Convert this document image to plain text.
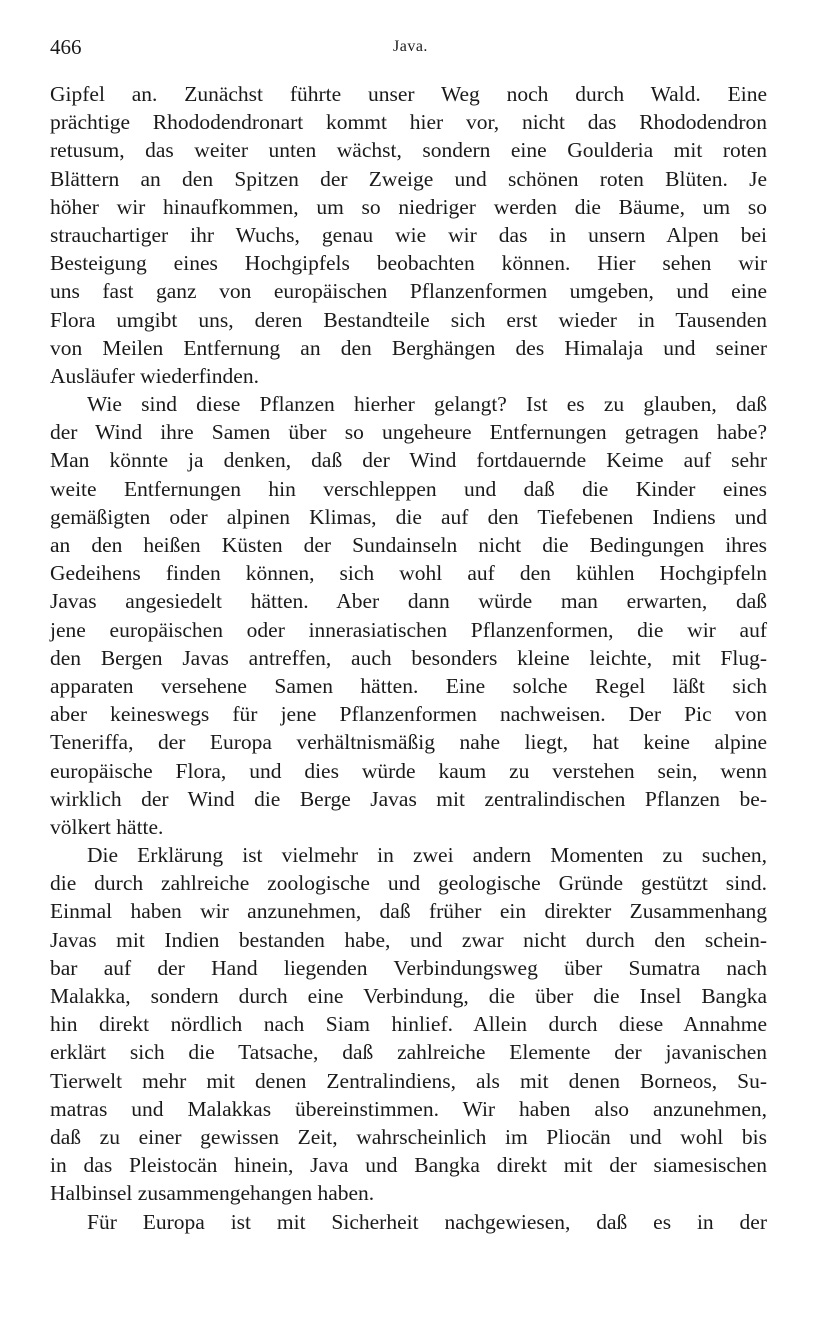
466	Java.
Gipfel an. Zunächst führte unser Weg noch durch Wald. Eine
prächtige Rhododendronart kommt hier vor, nicht das Rhododendron
retusum, das weiter unten wächst, sondern eine Goulderia mit roten
Blättern an den Spitzen der Zweige und schönen roten Blüten. Je
höher wir hinaufkommen, um so niedriger werden die Bäume, um so
strauchartiger ihr Wuchs, genau wie wir das in unsern Alpen bei
Besteigung eines Hochgipfels beobachten können. Hier sehen wir
uns fast ganz von europäischen Pflanzenformen umgeben, und eine
Flora umgibt uns, deren Bestandteile sich erst wieder in Tausenden
von Meilen Entfernung an den Berghängen des Himalaja und seiner
Ausläufer wiederfinden.
Wie sind diese Pflanzen hierher gelangt? Ist es zu glauben, daß
der Wind ihre Samen über so ungeheure Entfernungen getragen habe?
Man könnte ja denken, daß der Wind fortdauernde Keime auf sehr
weite Entfernungen hin verschleppen und daß die Kinder eines
gemäßigten oder alpinen Klimas, die auf den Tiefebenen Indiens und
an den heißen Küsten der Sundainseln nicht die Bedingungen ihres
Gedeihens finden können, sich wohl auf den kühlen Hochgipfeln
Javas angesiedelt hätten. Aber dann würde man erwarten, daß
jene europäischen oder innerasiatischen Pflanzenformen, die wir auf
den Bergen Javas antreffen, auch besonders kleine leichte, mit Flug-
apparaten versehene Samen hätten. Eine solche Regel läßt sich
aber keineswegs für jene Pflanzenformen nachweisen. Der Pic von
Teneriffa, der Europa verhältnismäßig nahe liegt, hat keine alpine
europäische Flora, und dies würde kaum zu verstehen sein, wenn
wirklich der Wind die Berge Javas mit zentralindischen Pflanzen be-
völkert hätte.
Die Erklärung ist vielmehr in zwei andern Momenten zu suchen,
die durch zahlreiche zoologische und geologische Gründe gestützt sind.
Einmal haben wir anzunehmen, daß früher ein direkter Zusammenhang
Javas mit Indien bestanden habe, und zwar nicht durch den schein-
bar auf der Hand liegenden Verbindungsweg über Sumatra nach
Malakka, sondern durch eine Verbindung, die über die Insel Bangka
hin direkt nördlich nach Siam hinlief. Allein durch diese Annahme
erklärt sich die Tatsache, daß zahlreiche Elemente der javanischen
Tierwelt mehr mit denen Zentralindiens, als mit denen Borneos, Su-
matras und Malakkas übereinstimmen. Wir haben also anzunehmen,
daß zu einer gewissen Zeit, wahrscheinlich im Pliocän und wohl bis
in das Pleistocän hinein, Java und Bangka direkt mit der siamesischen
Halbinsel zusammengehangen haben.
Für Europa ist mit Sicherheit nachgewiesen, daß es in der
